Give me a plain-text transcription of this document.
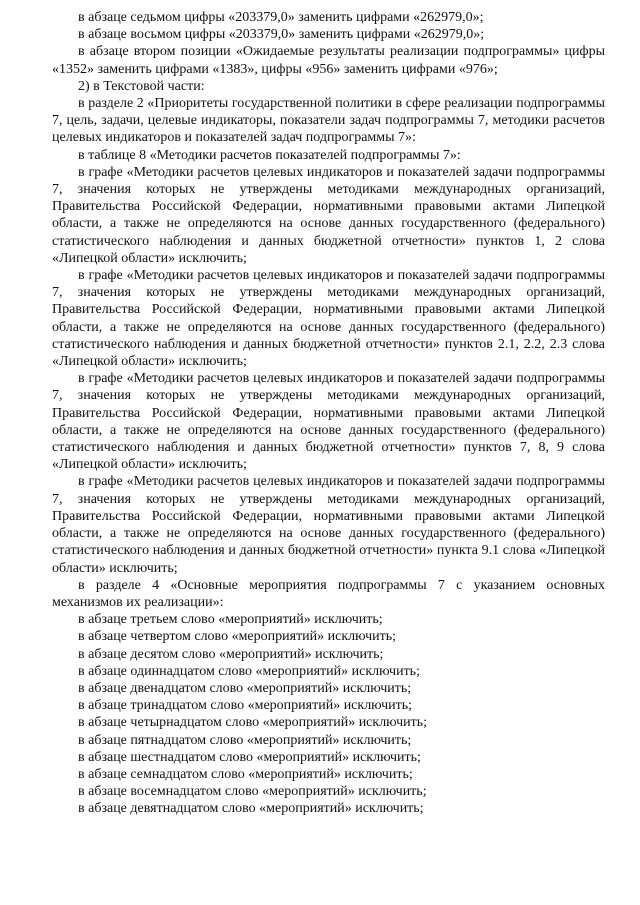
в абзаце седьмом цифры «203379,0» заменить цифрами «262979,0»;

в абзаце восьмом цифры «203379,0» заменить цифрами «262979,0»;

в абзаце втором позиции «Ожидаемые результаты реализации подпрограммы» цифры «1352» заменить цифрами «1383», цифры «956» заменить цифрами «976»;

2) в Текстовой части:

в разделе 2 «Приоритеты государственной политики в сфере реализации подпрограммы 7, цель, задачи, целевые индикаторы, показатели задач подпрограммы 7, методики расчетов целевых индикаторов и показателей задач подпрограммы 7»:

в таблице 8 «Методики расчетов показателей подпрограммы 7»:

в графе «Методики расчетов целевых индикаторов и показателей задачи подпрограммы 7, значения которых не утверждены методиками международных организаций, Правительства Российской Федерации, нормативными правовыми актами Липецкой области, а также не определяются на основе данных государственного (федерального) статистического наблюдения и данных бюджетной отчетности» пунктов 1, 2 слова «Липецкой области» исключить;

в графе «Методики расчетов целевых индикаторов и показателей задачи подпрограммы 7, значения которых не утверждены методиками международных организаций, Правительства Российской Федерации, нормативными правовыми актами Липецкой области, а также не определяются на основе данных государственного (федерального) статистического наблюдения и данных бюджетной отчетности» пунктов 2.1, 2.2, 2.3 слова «Липецкой области» исключить;

в графе «Методики расчетов целевых индикаторов и показателей задачи подпрограммы 7, значения которых не утверждены методиками международных организаций, Правительства Российской Федерации, нормативными правовыми актами Липецкой области, а также не определяются на основе данных государственного (федерального) статистического наблюдения и данных бюджетной отчетности» пунктов 7, 8, 9 слова «Липецкой области» исключить;

в графе «Методики расчетов целевых индикаторов и показателей задачи подпрограммы 7, значения которых не утверждены методиками международных организаций, Правительства Российской Федерации, нормативными правовыми актами Липецкой области, а также не определяются на основе данных государственного (федерального) статистического наблюдения и данных бюджетной отчетности» пункта 9.1 слова «Липецкой области» исключить;

в разделе 4 «Основные мероприятия подпрограммы 7 с указанием основных механизмов их реализации»:

в абзаце третьем слово «мероприятий» исключить;

в абзаце четвертом слово «мероприятий» исключить;

в абзаце десятом слово «мероприятий» исключить;

в абзаце одиннадцатом слово «мероприятий» исключить;

в абзаце двенадцатом слово «мероприятий» исключить;

в абзаце тринадцатом слово «мероприятий» исключить;

в абзаце четырнадцатом слово «мероприятий» исключить;

в абзаце пятнадцатом слово «мероприятий» исключить;

в абзаце шестнадцатом слово «мероприятий» исключить;

в абзаце семнадцатом слово «мероприятий» исключить;

в абзаце восемнадцатом слово «мероприятий» исключить;

в абзаце девятнадцатом слово «мероприятий» исключить;
